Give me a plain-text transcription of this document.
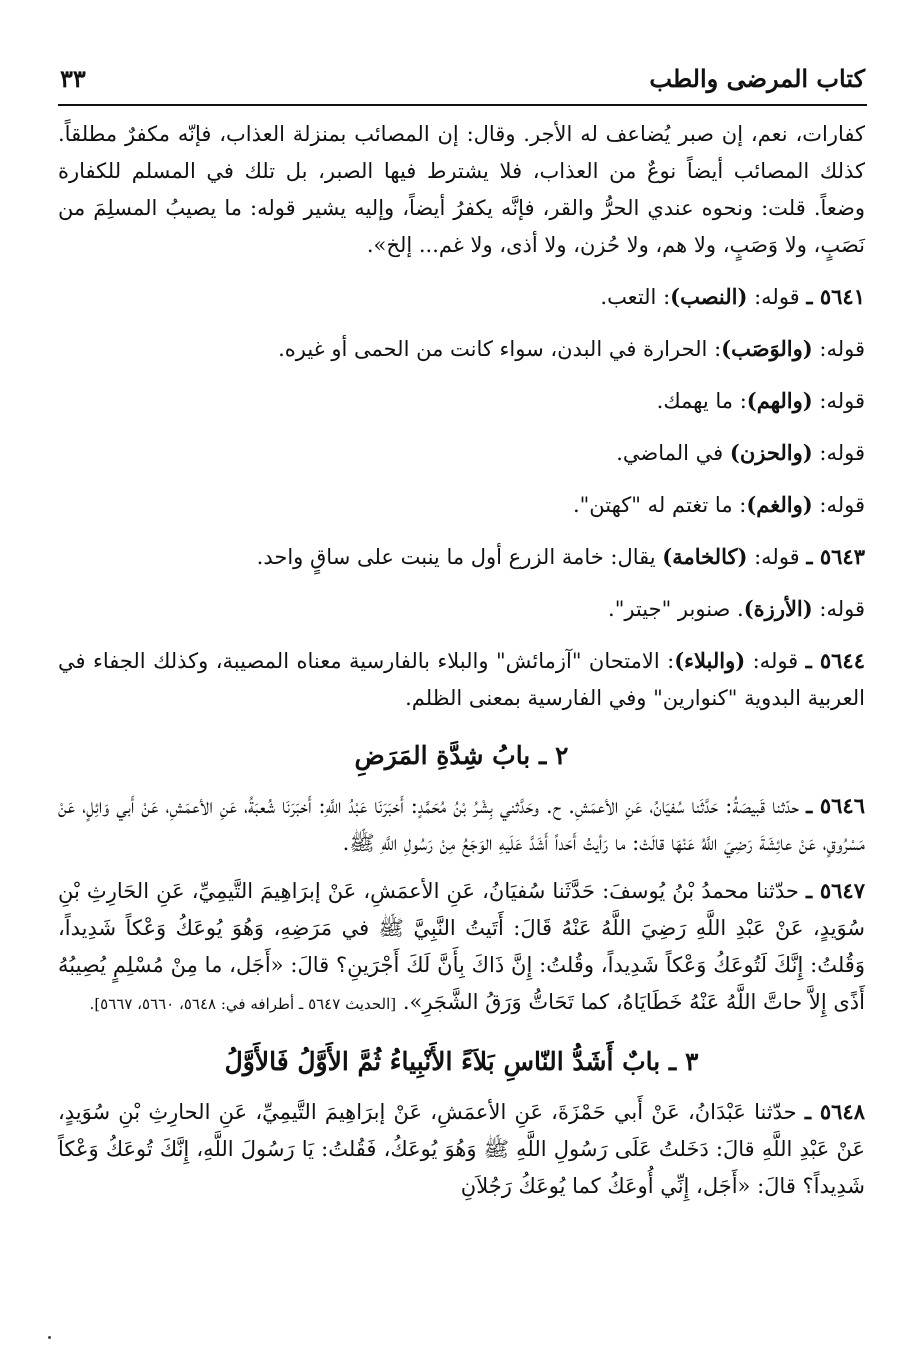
كتاب المرضى والطب
٣٣

كفارات، نعم، إن صبر يُضاعف له الأجر. وقال: إن المصائب بمنزلة العذاب، فإنّه مكفرٌ مطلقاً. كذلك المصائب أيضاً نوعٌ من العذاب، فلا يشترط فيها الصبر، بل تلك في المسلم للكفارة وضعاً. قلت: ونحوه عندي الحرُّ والقر، فإنَّه يكفرُ أيضاً، وإليه يشير قوله: ما يصيبُ المسلِمَ من نَصَبٍ، ولا وَصَبٍ، ولا هم، ولا حُزن، ولا أذى، ولا غم... إلخ».

٥٦٤١ ـ قوله: (النصب): التعب.

قوله: (والوَصَب): الحرارة في البدن، سواء كانت من الحمى أو غيره.

قوله: (والهم): ما يهمك.

قوله: (والحزن) في الماضي.

قوله: (والغم): ما تغتم له "كهتن".

٥٦٤٣ ـ قوله: (كالخامة) يقال: خامة الزرع أول ما ينبت على ساقٍ واحد.

قوله: (الأرزة). صنوبر "جيتر".

٥٦٤٤ ـ قوله: (والبلاء): الامتحان "آزمائش" والبلاء بالفارسية معناه المصيبة، وكذلك الجفاء في العربية البدوية "كنوارين" وفي الفارسية بمعنى الظلم.

٢ ـ بابُ شِدَّةِ المَرَضِ

٥٦٤٦ ـ حدّثنا قَبيصَةُ: حَدَّثَنا سُفيَانُ، عَنِ الأعمَشِ. ح. وحَدَّثني بِشْرُ بْنُ مُحَمَّدٍ: أَخبَرَنَا عَبْدُ اللَّهِ: أَخبَرَنَا شُعبَةُ، عَنِ الأعمَشِ، عَنْ أَبي وَائِلٍ، عَنْ مَسْرُوقٍ، عَنْ عائِشَةَ رَضِيَ اللَّهُ عَنْهَا قالَتْ: ما رَأيتُ أَحَداً أَشَدَّ عَلَيهِ الوَجَعُ مِنْ رَسُولِ اللَّهِ ﷺ.

٥٦٤٧ ـ حدّثنا محمدُ بْنُ يُوسفَ: حَدَّثَنا سُفيَانُ، عَنِ الأعمَشِ، عَنْ إبرَاهِيمَ التَّيمِيِّ، عَنِ الحَارِثِ بْنِ سُوَيدٍ، عَنْ عَبْدِ اللَّهِ رَضِيَ اللَّهُ عَنْهُ قَالَ: أَتَيتُ النَّبِيَّ ﷺ في مَرَضِهِ، وَهُوَ يُوعَكُ وَعْكاً شَدِيداً، وَقُلتُ: إِنَّكَ لَتُوعَكُ وَعْكاً شَدِيداً، وقُلتُ: إِنَّ ذَاكَ بِأَنَّ لَكَ أَجْرَينِ؟ قالَ: «أَجَل، ما مِنْ مُسْلِمٍ يُصِيبُهُ أَذًى إِلاَّ حاتَّ اللَّهُ عَنْهُ خَطَايَاهُ، كما تَحَاتُّ وَرَقُ الشَّجَرِ». [الحديث ٥٦٤٧ ـ أطرافه في: ٥٦٤٨، ٥٦٦٠، ٥٦٦٧].

٣ ـ بابٌ أَشَدُّ النّاسِ بَلاَءً الأَنْبِياءُ ثُمَّ الأَوَّلُ فَالأَوَّلُ

٥٦٤٨ ـ حدّثنا عَبْدَانُ، عَنْ أَبي حَمْزَةَ، عَنِ الأعمَشِ، عَنْ إبرَاهِيمَ التَّيمِيِّ، عَنِ الحارِثِ بْنِ سُوَيدٍ، عَنْ عَبْدِ اللَّهِ قالَ: دَخَلتُ عَلَى رَسُولِ اللَّهِ ﷺ وَهُوَ يُوعَكُ، فَقُلتُ: يَا رَسُولَ اللَّهِ، إِنَّكَ تُوعَكُ وَعْكاً شَدِيداً؟ قالَ: «أَجَل، إِنِّي أُوعَكُ كما يُوعَكُ رَجُلاَنِ
